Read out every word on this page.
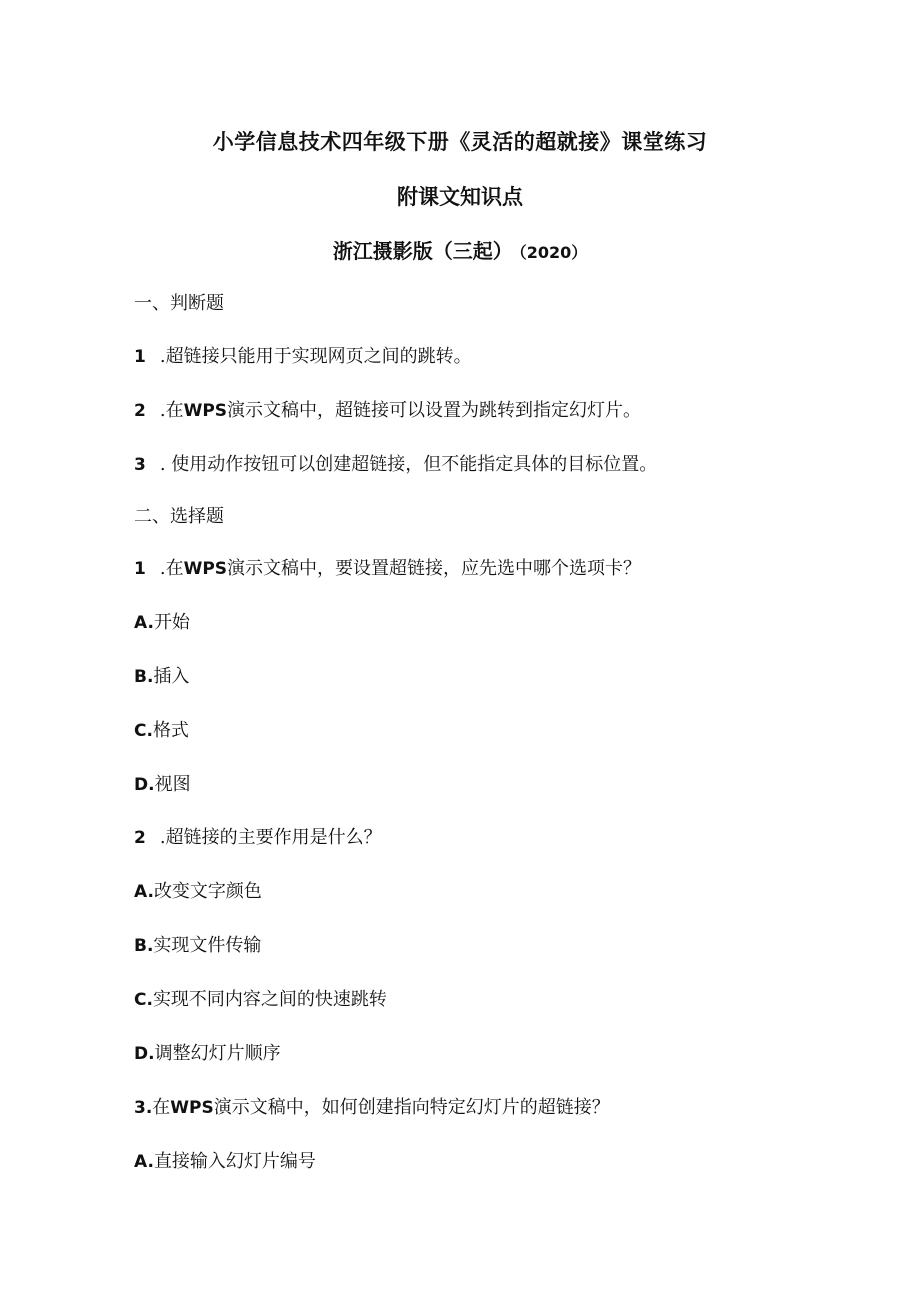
小学信息技术四年级下册《灵活的超就接》课堂练习
附课文知识点
浙江摄影版（三起） （2020）
一、判断题
1 .超链接只能用于实现网页之间的跳转。
2 .在WPS演示文稿中，超链接可以设置为跳转到指定幻灯片。
3 . 使用动作按钮可以创建超链接，但不能指定具体的目标位置。
二、选择题
1 .在WPS演示文稿中，要设置超链接，应先选中哪个选项卡？
A.开始
B.插入
C.格式
D.视图
2 .超链接的主要作用是什么？
A.改变文字颜色
B.实现文件传输
C.实现不同内容之间的快速跳转
D.调整幻灯片顺序
3.在WPS演示文稿中，如何创建指向特定幻灯片的超链接？
A.直接输入幻灯片编号
